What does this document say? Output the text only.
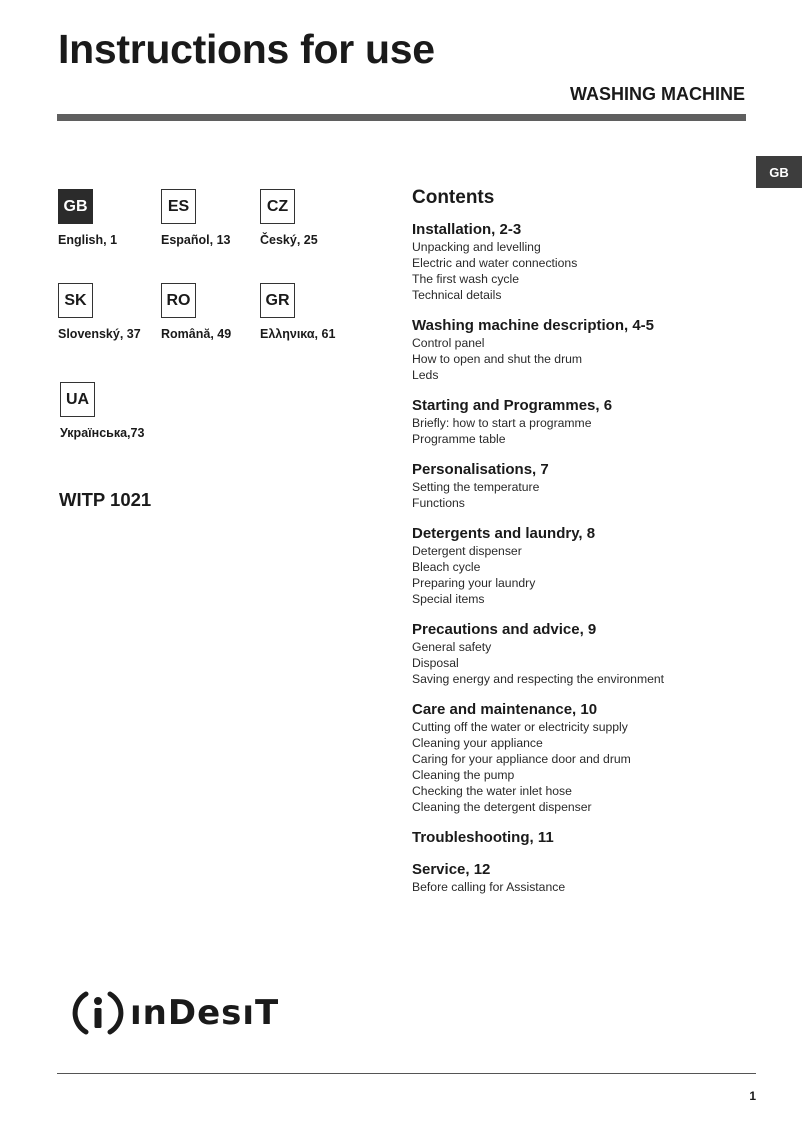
Instructions for use
WASHING MACHINE
GB
GB
English, 1
ES
Español, 13
CZ
Český, 25
SK
Slovenský, 37
RO
Română, 49
GR
Ελληνικα, 61
UA
Українська,73
WITP 1021
Contents
Installation, 2-3
Unpacking and levelling
Electric and water connections
The first wash cycle
Technical details
Washing machine description, 4-5
Control panel
How to open and shut the drum
Leds
Starting and Programmes, 6
Briefly: how to start a programme
Programme table
Personalisations, 7
Setting the temperature
Functions
Detergents and laundry, 8
Detergent dispenser
Bleach cycle
Preparing your laundry
Special items
Precautions and advice, 9
General safety
Disposal
Saving energy and respecting the environment
Care and maintenance, 10
Cutting off the water or electricity supply
Cleaning your appliance
Caring for your appliance door and drum
Cleaning the pump
Checking the water inlet hose
Cleaning the detergent dispenser
Troubleshooting, 11
Service, 12
Before calling for Assistance
ınDesıT
1
